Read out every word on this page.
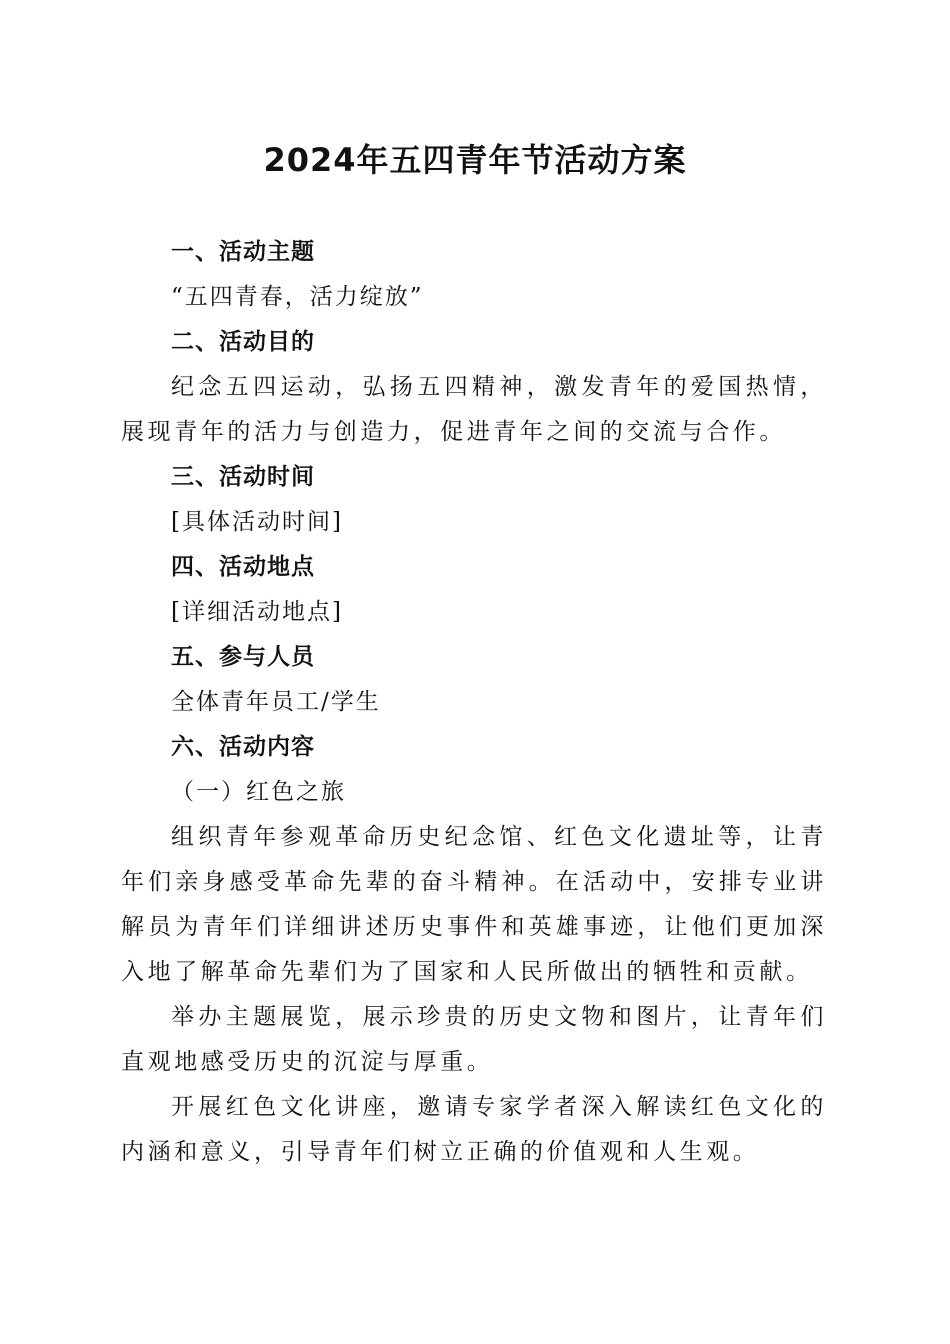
2024年五四青年节活动方案

一、活动主题

“五四青春，活力绽放”

二、活动目的

纪念五四运动，弘扬五四精神，激发青年的爱国热情，展现青年的活力与创造力，促进青年之间的交流与合作。

三、活动时间

[具体活动时间]

四、活动地点

[详细活动地点]

五、参与人员

全体青年员工/学生

六、活动内容

（一）红色之旅

组织青年参观革命历史纪念馆、红色文化遗址等，让青年们亲身感受革命先辈的奋斗精神。在活动中，安排专业讲解员为青年们详细讲述历史事件和英雄事迹，让他们更加深入地了解革命先辈们为了国家和人民所做出的牺牲和贡献。

举办主题展览，展示珍贵的历史文物和图片，让青年们直观地感受历史的沉淀与厚重。

开展红色文化讲座，邀请专家学者深入解读红色文化的内涵和意义，引导青年们树立正确的价值观和人生观。
